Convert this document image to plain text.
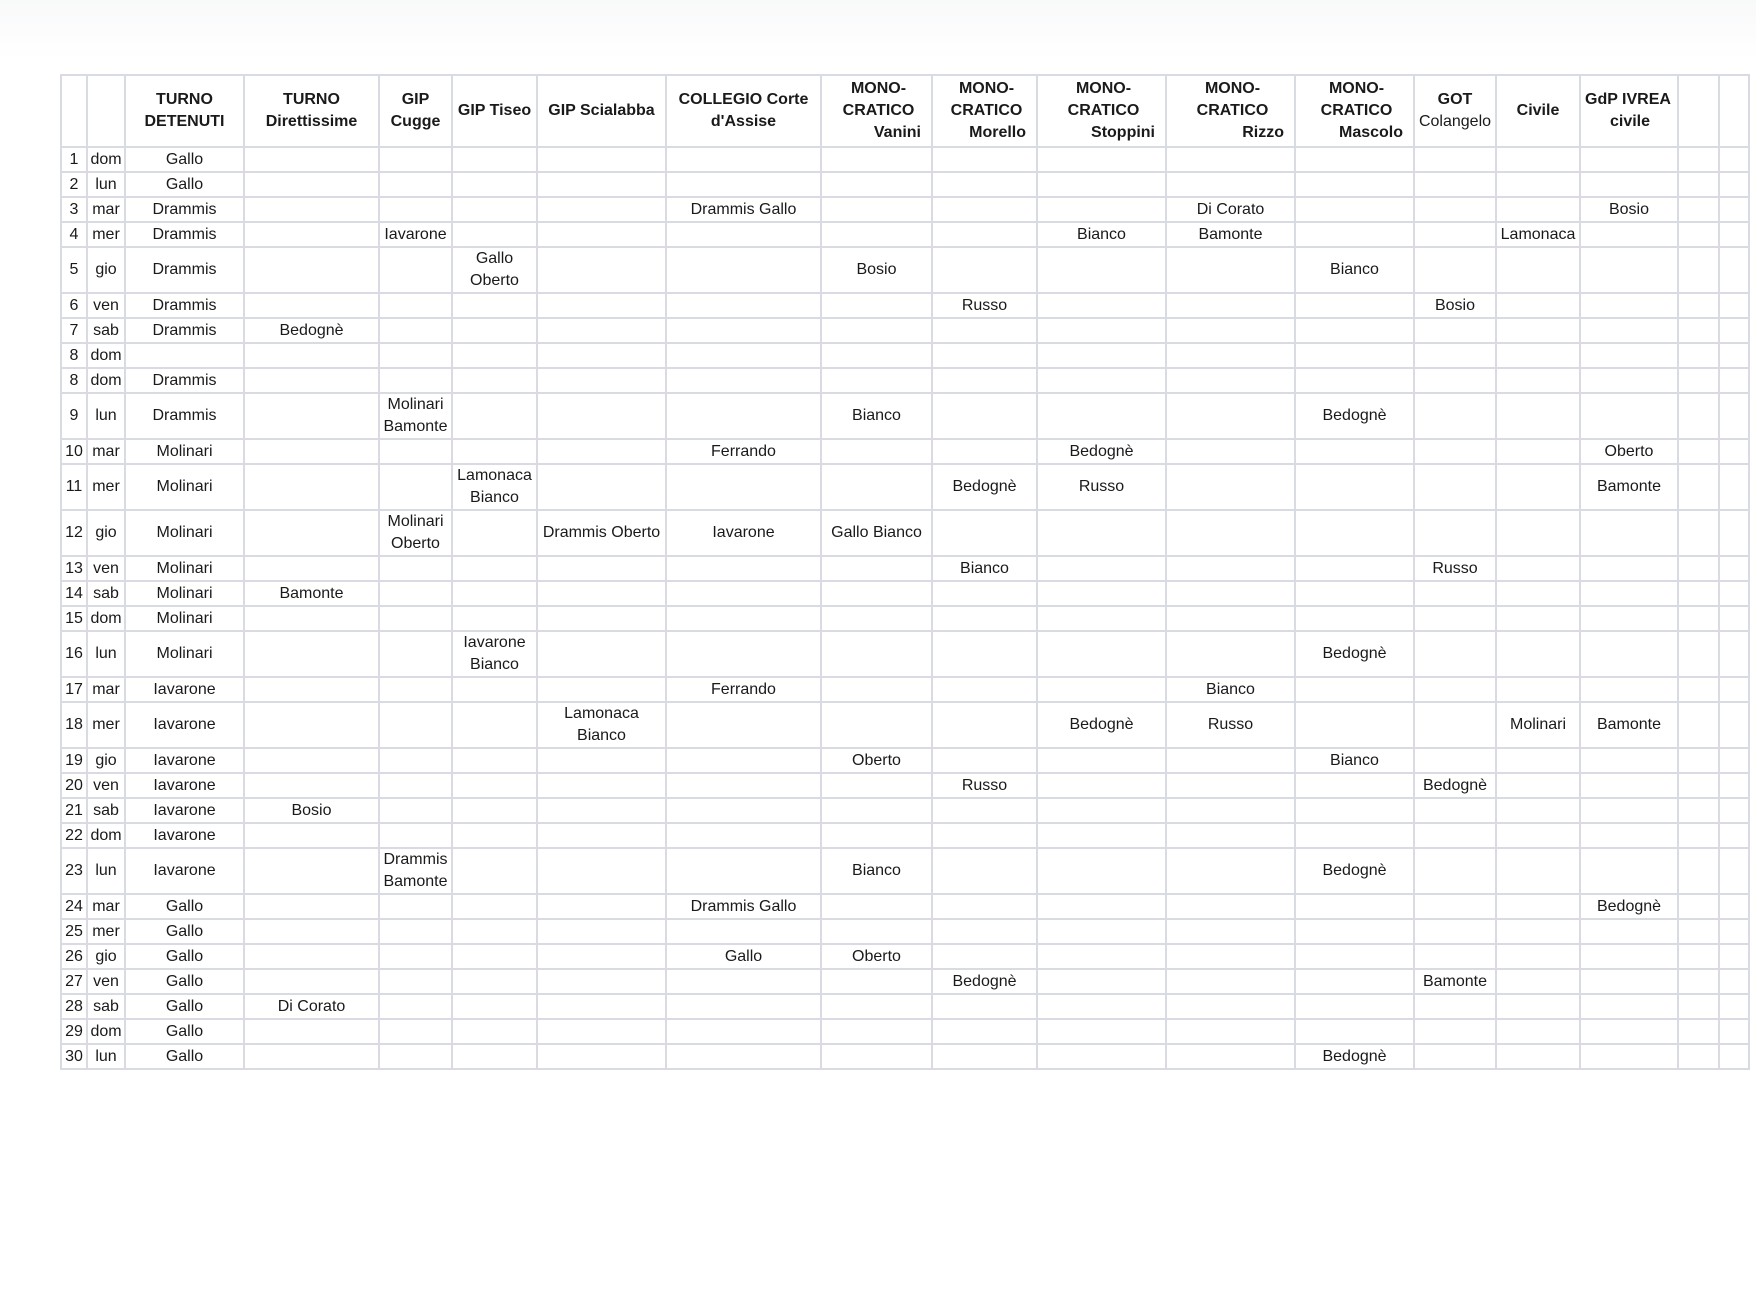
		TURNO DETENUTI	TURNO Direttissime	GIP Cugge	GIP Tiseo	GIP Scialabba	COLLEGIO Corte d'Assise	MONO-
CRATICO
Vanini	MONO-
CRATICO
Morello	MONO-
CRATICO
Stoppini	MONO-
CRATICO
Rizzo	MONO-
CRATICO
Mascolo	GOT
Colangelo	Civile	GdP IVREA
civile		

1	dom	Gallo															
2	lun	Gallo															
3	mar	Drammis					Drammis Gallo				Di Corato				Bosio		
4	mer	Drammis		Iavarone						Bianco	Bamonte			Lamonaca			
5	gio	Drammis			Gallo
Oberto			Bosio				Bianco					
6	ven	Drammis							Russo				Bosio				
7	sab	Drammis	Bedognè														
8	dom																
8	dom	Drammis															
9	lun	Drammis		Molinari
Bamonte				Bianco				Bedognè					
10	mar	Molinari					Ferrando			Bedognè					Oberto		
11	mer	Molinari			Lamonaca
Bianco				Bedognè	Russo					Bamonte		
12	gio	Molinari		Molinari
Oberto		Drammis Oberto	Iavarone	Gallo Bianco									
13	ven	Molinari							Bianco				Russo				
14	sab	Molinari	Bamonte														
15	dom	Molinari															
16	lun	Molinari			Iavarone
Bianco							Bedognè					
17	mar	Iavarone					Ferrando				Bianco						
18	mer	Iavarone				Lamonaca
Bianco				Bedognè	Russo			Molinari	Bamonte		
19	gio	Iavarone						Oberto				Bianco					
20	ven	Iavarone							Russo				Bedognè				
21	sab	Iavarone	Bosio														
22	dom	Iavarone															
23	lun	Iavarone		Drammis
Bamonte				Bianco				Bedognè					
24	mar	Gallo					Drammis Gallo								Bedognè		
25	mer	Gallo															
26	gio	Gallo					Gallo	Oberto									
27	ven	Gallo							Bedognè				Bamonte				
28	sab	Gallo	Di Corato														
29	dom	Gallo															
30	lun	Gallo										Bedognè					
